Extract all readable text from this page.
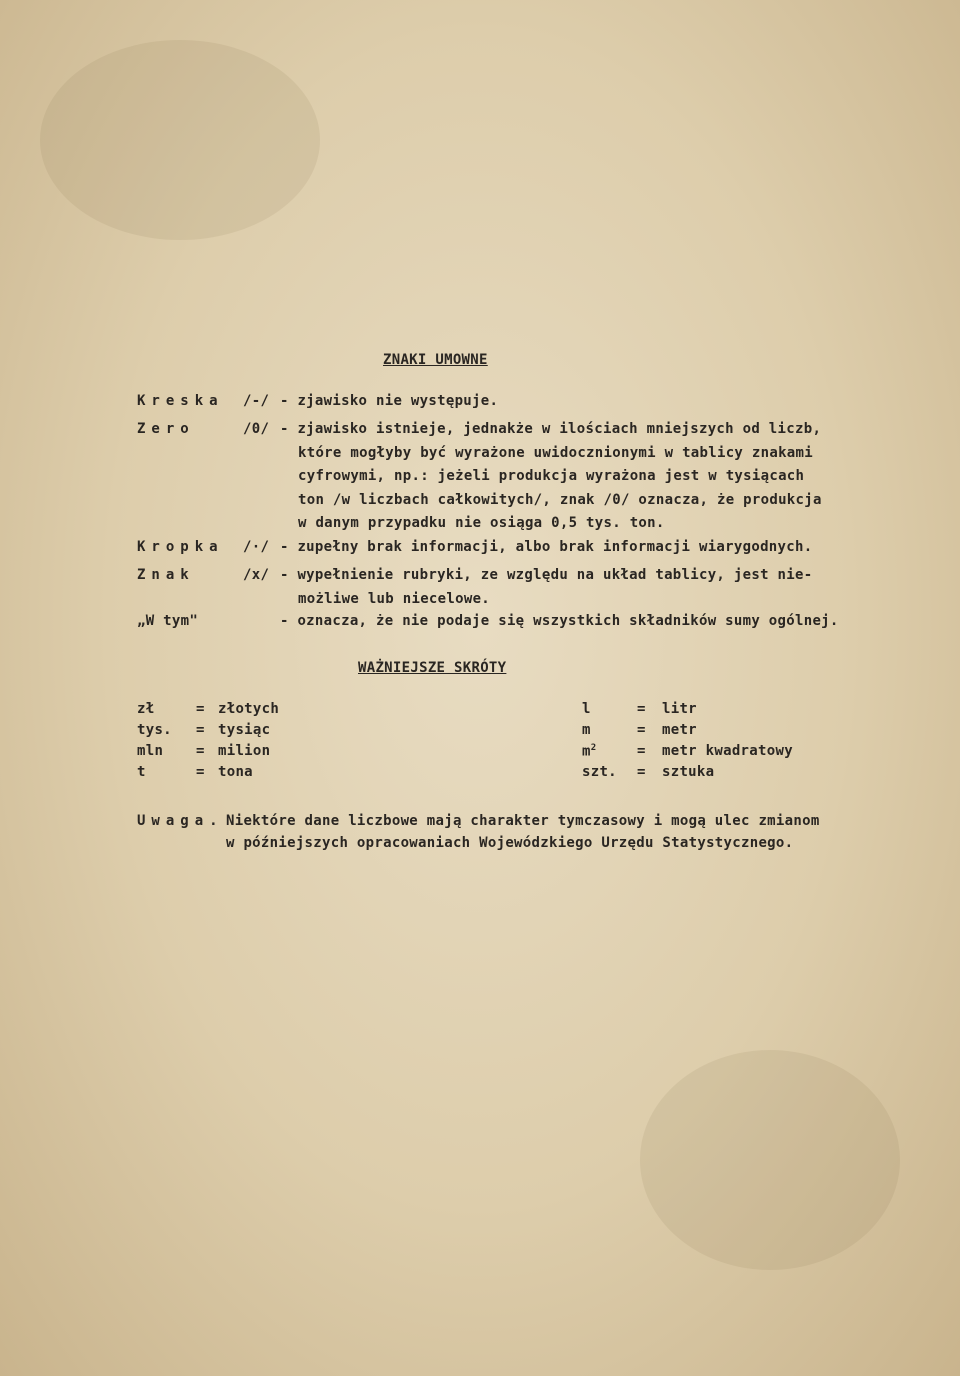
ZNAKI UMOWNE
Kreska /-/ - zjawisko nie występuje.
Zero	/0/ - zjawisko istnieje, jednakże w ilościach mniejszych od liczb,
które mogłyby być wyrażone uwidocznionymi w tablicy znakami
cyfrowymi, np.: jeżeli produkcja wyrażona jest w tysiącach
ton /w liczbach całkowitych/, znak /0/ oznacza, że produkcja
w danym przypadku nie osiąga 0,5 tys. ton.
Kropka /·/ - zupełny brak informacji, albo brak informacji wiarygodnych.
Znak	/x/ - wypełnienie rubryki, ze względu na układ tablicy, jest nie-
możliwe lub niecelowe.
„W tym"	- oznacza, że nie podaje się wszystkich składników sumy ogólnej.
WAŻNIEJSZE SKRÓTY
zł	= złotych
tys. = tysiąc
mln = milion
t	= tona
l	= litr
m	= metr
$m^2$	= metr kwadratowy
szt. = sztuka
Uwaga. Niektóre dane liczbowe mają charakter tymczasowy i mogą ulec zmianom
w późniejszych opracowaniach Wojewódzkiego Urzędu Statystycznego.
